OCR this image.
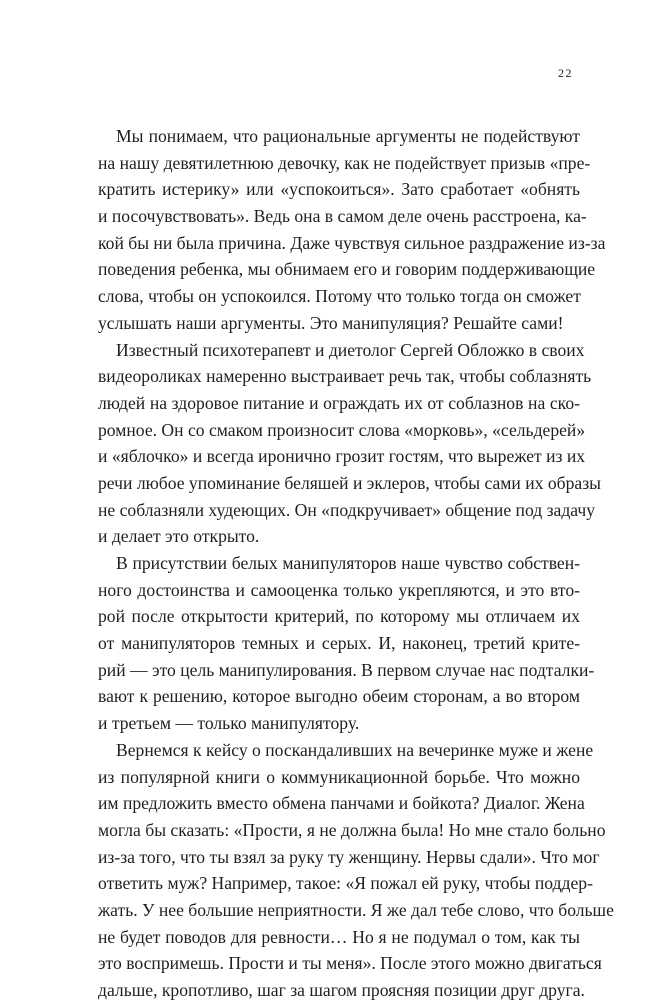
22
Мы понимаем, что рациональные аргументы не подействуют
на нашу девятилетнюю девочку, как не подействует призыв «пре-
кратить истерику» или «успокоиться». Зато сработает «обнять
и посочувствовать». Ведь она в самом деле очень расстроена, ка-
кой бы ни была причина. Даже чувствуя сильное раздражение из-за
поведения ребенка, мы обнимаем его и говорим поддерживающие
слова, чтобы он успокоился. Потому что только тогда он сможет
услышать наши аргументы. Это манипуляция? Решайте сами!
Известный психотерапевт и диетолог Сергей Обложко в своих
видеороликах намеренно выстраивает речь так, чтобы соблазнять
людей на здоровое питание и ограждать их от соблазнов на ско-
ромное. Он со смаком произносит слова «морковь», «сельдерей»
и «яблочко» и всегда иронично грозит гостям, что вырежет из их
речи любое упоминание беляшей и эклеров, чтобы сами их образы
не соблазняли худеющих. Он «подкручивает» общение под задачу
и делает это открыто.
В присутствии белых манипуляторов наше чувство собствен-
ного достоинства и самооценка только укрепляются, и это вто-
рой после открытости критерий, по которому мы отличаем их
от манипуляторов темных и серых. И, наконец, третий крите-
рий — это цель манипулирования. В первом случае нас подталки-
вают к решению, которое выгодно обеим сторонам, а во втором
и третьем — только манипулятору.
Вернемся к кейсу о поскандаливших на вечеринке муже и жене
из популярной книги о коммуникационной борьбе. Что можно
им предложить вместо обмена панчами и бойкота? Диалог. Жена
могла бы сказать: «Прости, я не должна была! Но мне стало больно
из-за того, что ты взял за руку ту женщину. Нервы сдали». Что мог
ответить муж? Например, такое: «Я пожал ей руку, чтобы поддер-
жать. У нее большие неприятности. Я же дал тебе слово, что больше
не будет поводов для ревности… Но я не подумал о том, как ты
это воспримешь. Прости и ты меня». После этого можно двигаться
дальше, кропотливо, шаг за шагом проясняя позиции друг друга.
